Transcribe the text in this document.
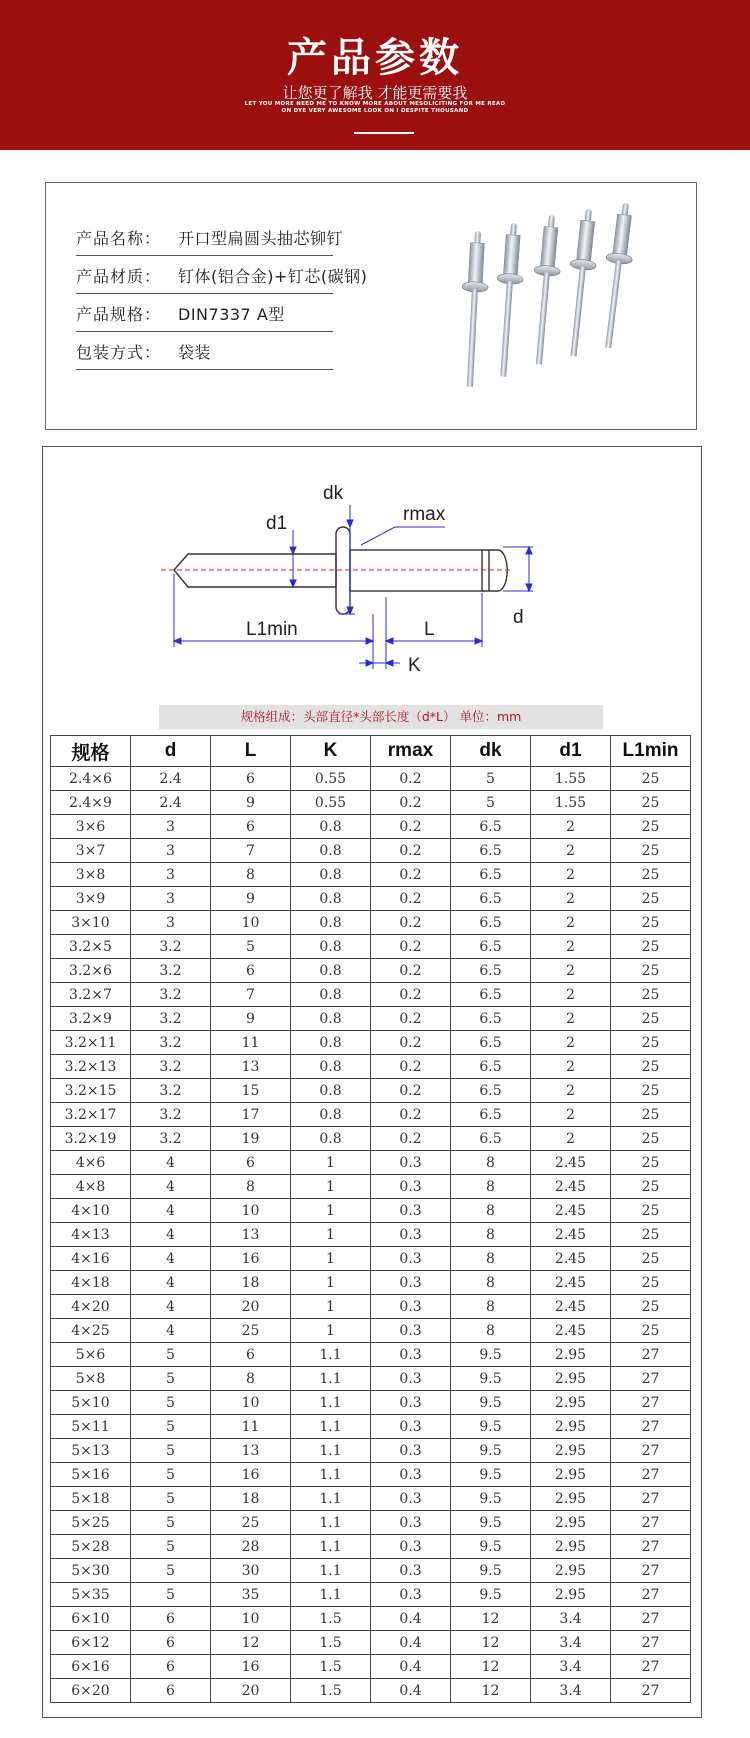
产品参数
让您更了解我 才能更需要我
LET YOU MORE NEED ME TO KNOW MORE ABOUT MESOLICITING FOR ME READ
ON DYE VERY AWESOME LOOK ON I DESPITE THOUSAND
产品名称： 开口型扁圆头抽芯铆钉
产品材质： 钉体(铝合金)+钉芯(碳钢)
产品规格： DIN7337 A型
包装方式： 袋装
dk
rmax
d1
d
L1min	L
K
规格组成：头部直径*头部长度（d*L） 单位：mm
规格	d	L	K	rmax	dk	d1	L1min
2.4×6	2.4	6	0.55	0.2	5	1.55	25
2.4×9	2.4	9	0.55	0.2	5	1.55	25
3×6	3	6	0.8	0.2	6.5	2	25
3×7	3	7	0.8	0.2	6.5	2	25
3×8	3	8	0.8	0.2	6.5	2	25
3×9	3	9	0.8	0.2	6.5	2	25
3×10	3	10	0.8	0.2	6.5	2	25
3.2×5	3.2	5	0.8	0.2	6.5	2	25
3.2×6	3.2	6	0.8	0.2	6.5	2	25
3.2×7	3.2	7	0.8	0.2	6.5	2	25
3.2×9	3.2	9	0.8	0.2	6.5	2	25
3.2×11	3.2	11	0.8	0.2	6.5	2	25
3.2×13	3.2	13	0.8	0.2	6.5	2	25
3.2×15	3.2	15	0.8	0.2	6.5	2	25
3.2×17	3.2	17	0.8	0.2	6.5	2	25
3.2×19	3.2	19	0.8	0.2	6.5	2	25
4×6	4	6	1	0.3	8	2.45	25
4×8	4	8	1	0.3	8	2.45	25
4×10	4	10	1	0.3	8	2.45	25
4×13	4	13	1	0.3	8	2.45	25
4×16	4	16	1	0.3	8	2.45	25
4×18	4	18	1	0.3	8	2.45	25
4×20	4	20	1	0.3	8	2.45	25
4×25	4	25	1	0.3	8	2.45	25
5×6	5	6	1.1	0.3	9.5	2.95	27
5×8	5	8	1.1	0.3	9.5	2.95	27
5×10	5	10	1.1	0.3	9.5	2.95	27
5×11	5	11	1.1	0.3	9.5	2.95	27
5×13	5	13	1.1	0.3	9.5	2.95	27
5×16	5	16	1.1	0.3	9.5	2.95	27
5×18	5	18	1.1	0.3	9.5	2.95	27
5×25	5	25	1.1	0.3	9.5	2.95	27
5×28	5	28	1.1	0.3	9.5	2.95	27
5×30	5	30	1.1	0.3	9.5	2.95	27
5×35	5	35	1.1	0.3	9.5	2.95	27
6×10	6	10	1.5	0.4	12	3.4	27
6×12	6	12	1.5	0.4	12	3.4	27
6×16	6	16	1.5	0.4	12	3.4	27
6×20	6	20	1.5	0.4	12	3.4	27
